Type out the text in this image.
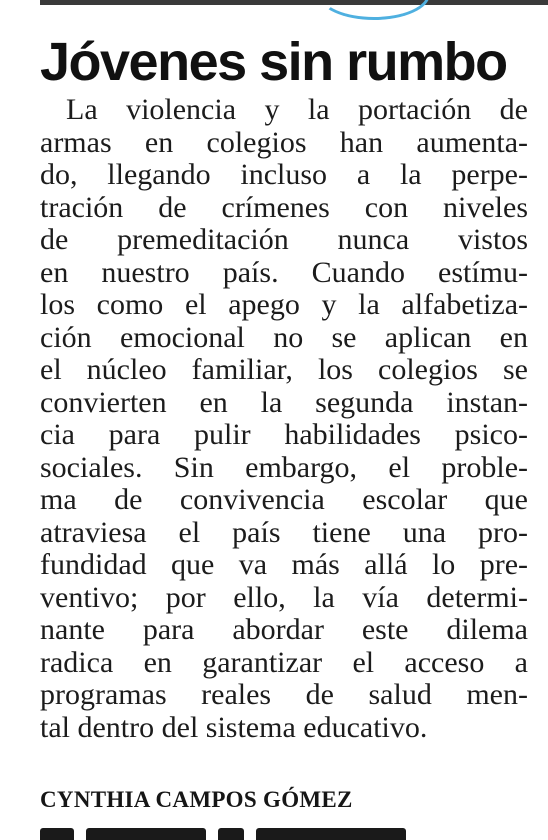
Jóvenes sin rumbo
La violencia y la portación de
armas en colegios han aumenta-
do, llegando incluso a la perpe-
tración de crímenes con niveles
de premeditación nunca vistos
en nuestro país. Cuando estímu-
los como el apego y la alfabetiza-
ción emocional no se aplican en
el núcleo familiar, los colegios se
convierten en la segunda instan-
cia para pulir habilidades psico-
sociales. Sin embargo, el proble-
ma de convivencia escolar que
atraviesa el país tiene una pro-
fundidad que va más allá lo pre-
ventivo; por ello, la vía determi-
nante para abordar este dilema
radica en garantizar el acceso a
programas reales de salud men-
tal dentro del sistema educativo.

CYNTHIA CAMPOS GÓMEZ
